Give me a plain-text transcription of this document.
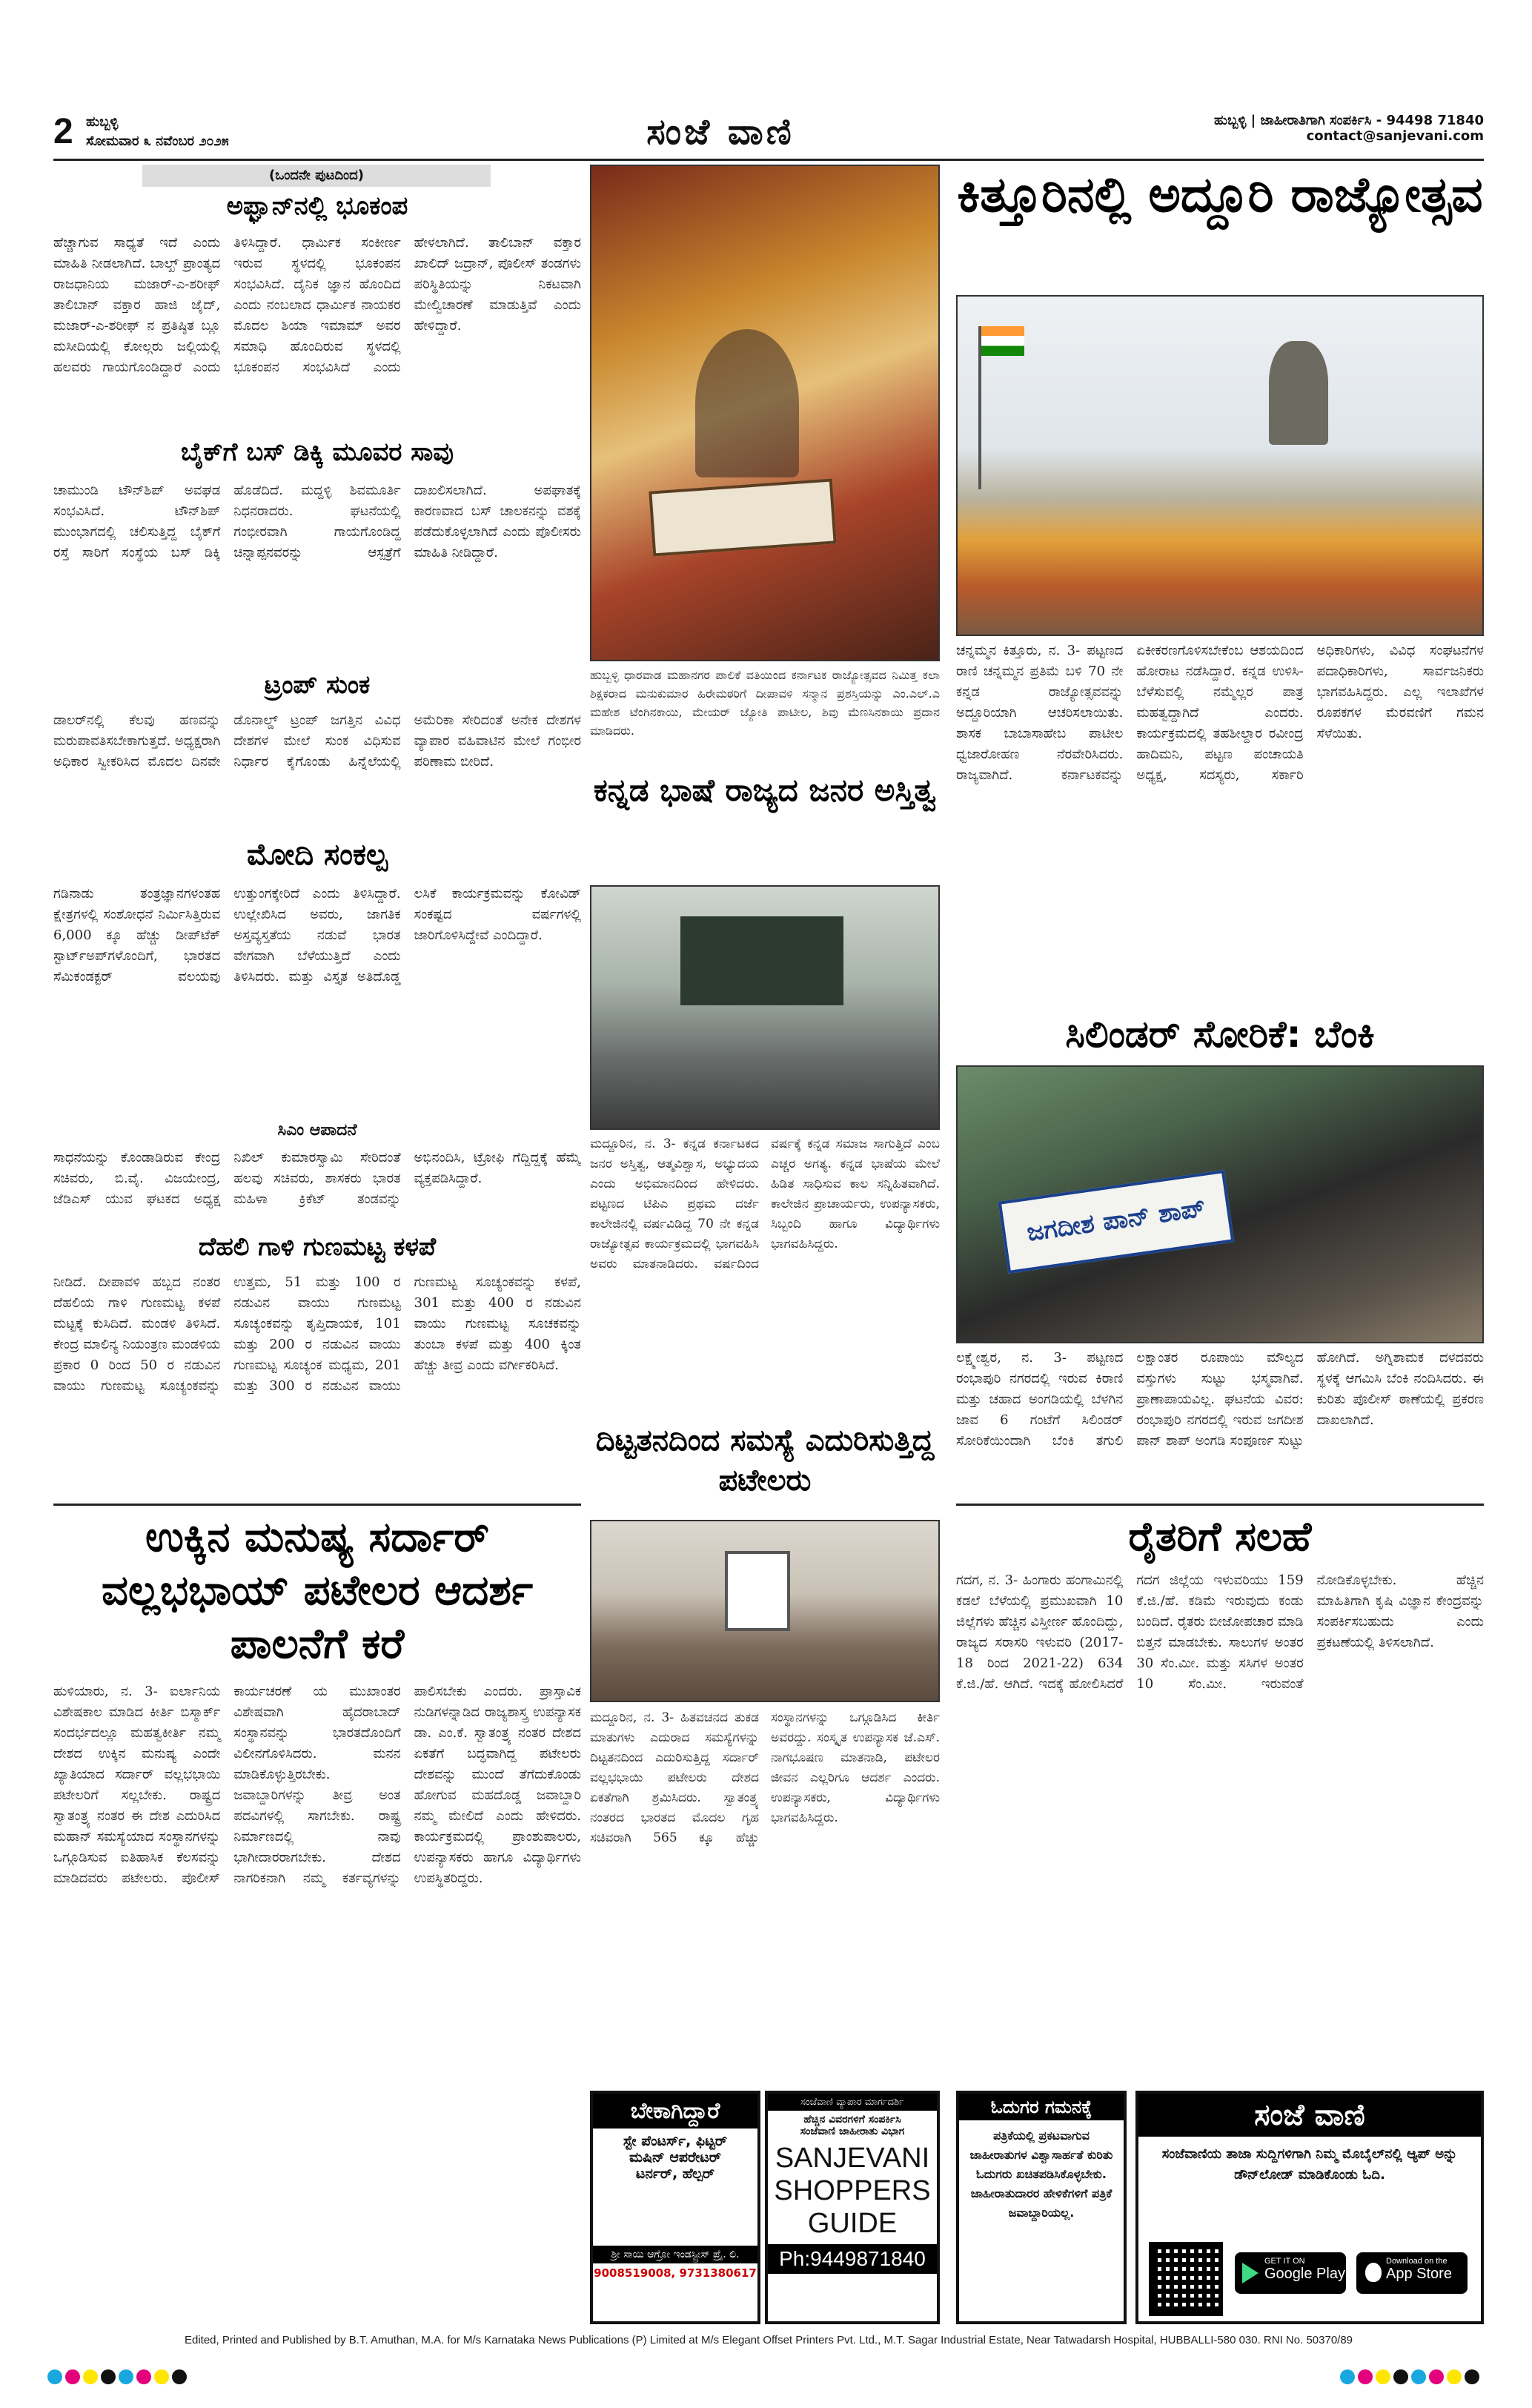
2 ಹುಬ್ಬಳ್ಳಿ
ಸೋಮವಾರ ೩ ನವೆಂಬರ ೨೦೨೫	ಸಂಜೆ ವಾಣಿ	ಹುಬ್ಬಳ್ಳಿ | ಜಾಹೀರಾತಿಗಾಗಿ ಸಂಪರ್ಕಿಸಿ - 94498 71840
contact@sanjevani.com
(ಒಂದನೇ ಪುಟದಿಂದ)
ಅಫ್ಘಾನ್‌ನಲ್ಲಿ ಭೂಕಂಪ
ಹೆಚ್ಚಾಗುವ ಸಾಧ್ಯತೆ ಇದೆ ಎಂದು ಮಾಹಿತಿ ನೀಡಲಾಗಿದೆ. ಬಾಲ್ಖ್ ಪ್ರಾಂತ್ಯದ ರಾಜಧಾನಿಯ ಮಜಾರ್-ಎ-ಶರೀಫ್ ತಾಲಿಬಾನ್ ವಕ್ತಾರ ಹಾಜಿ ಜೈದ್, ಮಜಾರ್-ಎ-ಶರೀಫ್ ನ ಪ್ರತಿಷ್ಠಿತ ಬ್ಲೂ ಮಸೀದಿಯಲ್ಲಿ ಕೋಲ್ಗರು ಜಲ್ಲಿಯಲ್ಲಿ ಹಲವರು ಗಾಯಗೊಂಡಿದ್ದಾರೆ ಎಂದು ತಿಳಿಸಿದ್ದಾರೆ. ಧಾರ್ಮಿಕ ಸಂಕೀರ್ಣ ಇರುವ ಸ್ಥಳದಲ್ಲಿ ಭೂಕಂಪನ ಸಂಭವಿಸಿದೆ. ದೈನಿಕ ಜ್ಞಾನ ಹೊಂದಿದ ಎಂದು ನಂಬಲಾದ ಧಾರ್ಮಿಕ ನಾಯಕರ ಮೊದಲ ಶಿಯಾ ಇಮಾಮ್ ಅವರ ಸಮಾಧಿ ಹೊಂದಿರುವ ಸ್ಥಳದಲ್ಲಿ ಭೂಕಂಪನ ಸಂಭವಿಸಿದೆ ಎಂದು ಹೇಳಲಾಗಿದೆ. ತಾಲಿಬಾನ್ ವಕ್ತಾರ ಖಾಲಿದ್ ಜದ್ರಾನ್, ಪೊಲೀಸ್ ತಂಡಗಳು ಪರಿಸ್ಥಿತಿಯನ್ನು ನಿಕಟವಾಗಿ ಮೇಲ್ವಿಚಾರಣೆ ಮಾಡುತ್ತಿವೆ ಎಂದು ಹೇಳಿದ್ದಾರೆ.
ಬೈಕ್‌ಗೆ ಬಸ್ ಡಿಕ್ಕಿ ಮೂವರ ಸಾವು
ಚಾಮುಂಡಿ ಟೌನ್‌ಶಿಪ್ ಅವಘಡ ಸಂಭವಿಸಿದೆ. ಟೌನ್‌ಶಿಪ್ ಮುಂಭಾಗದಲ್ಲಿ ಚಲಿಸುತ್ತಿದ್ದ ಬೈಕ್‌ಗೆ ರಸ್ತೆ ಸಾರಿಗೆ ಸಂಸ್ಥೆಯ ಬಸ್ ಡಿಕ್ಕಿ ಹೊಡೆದಿದೆ. ಮದ್ದಳ್ಳಿ ಶಿವಮೂರ್ತಿ ನಿಧನರಾದರು. ಘಟನೆಯಲ್ಲಿ ಗಂಭೀರವಾಗಿ ಗಾಯಗೊಂಡಿದ್ದ ಚಿನ್ನಾಪ್ಪನವರನ್ನು ಆಸ್ಪತ್ರೆಗೆ ದಾಖಲಿಸಲಾಗಿದೆ. ಅಪಘಾತಕ್ಕೆ ಕಾರಣವಾದ ಬಸ್ ಚಾಲಕನನ್ನು ವಶಕ್ಕೆ ಪಡೆದುಕೊಳ್ಳಲಾಗಿದೆ ಎಂದು ಪೊಲೀಸರು ಮಾಹಿತಿ ನೀಡಿದ್ದಾರೆ.
ಟ್ರಂಪ್ ಸುಂಕ
ಡಾಲರ್‌ನಲ್ಲಿ ಕೆಲವು ಹಣವನ್ನು ಮರುಪಾವತಿಸಬೇಕಾಗುತ್ತದೆ. ಅಧ್ಯಕ್ಷರಾಗಿ ಅಧಿಕಾರ ಸ್ವೀಕರಿಸಿದ ಮೊದಲ ದಿನವೇ ಡೊನಾಲ್ಡ್ ಟ್ರಂಪ್ ಜಗತ್ತಿನ ವಿವಿಧ ದೇಶಗಳ ಮೇಲೆ ಸುಂಕ ವಿಧಿಸುವ ನಿರ್ಧಾರ ಕೈಗೊಂಡು ಹಿನ್ನೆಲೆಯಲ್ಲಿ ಅಮೆರಿಕಾ ಸೇರಿದಂತೆ ಅನೇಕ ದೇಶಗಳ ವ್ಯಾಪಾರ ವಹಿವಾಟಿನ ಮೇಲೆ ಗಂಭೀರ ಪರಿಣಾಮ ಬೀರಿದೆ.
ಮೋದಿ ಸಂಕಲ್ಪ
ಗಡಿನಾಡು ತಂತ್ರಜ್ಞಾನಗಳಂತಹ ಕ್ಷೇತ್ರಗಳಲ್ಲಿ ಸಂಶೋಧನೆ ನಿರ್ಮಿಸಿತ್ತಿರುವ 6,000 ಕ್ಕೂ ಹೆಚ್ಚು ಡೀಪ್‌ಟೆಕ್ ಸ್ಟಾರ್ಟ್‌ಅಪ್‌ಗಳೊಂದಿಗೆ, ಭಾರತದ ಸೆಮಿಕಂಡಕ್ಟರ್ ವಲಯವು ಉತ್ತುಂಗಕ್ಕೇರಿದೆ ಎಂದು ತಿಳಿಸಿದ್ದಾರೆ. ಉಲ್ಲೇಖಿಸಿದ ಅವರು, ಜಾಗತಿಕ ಅಸ್ತವ್ಯಸ್ತತೆಯ ನಡುವೆ ಭಾರತ ವೇಗವಾಗಿ ಬೆಳೆಯುತ್ತಿದೆ ಎಂದು ತಿಳಿಸಿದರು. ಮತ್ತು ವಿಸ್ತೃತ ಅತಿದೊಡ್ಡ ಲಸಿಕೆ ಕಾರ್ಯಕ್ರಮವನ್ನು ಕೋವಿಡ್ ಸಂಕಷ್ಟದ ವರ್ಷಗಳಲ್ಲಿ ಜಾರಿಗೊಳಿಸಿದ್ದೇವೆ ಎಂದಿದ್ದಾರೆ.
ಸಿಎಂ ಆಪಾದನೆ
ಸಾಧನೆಯನ್ನು ಕೊಂಡಾಡಿರುವ ಕೇಂದ್ರ ಸಚಿವರು, ಬಿ.ವೈ. ವಿಜಯೇಂದ್ರ, ಜೆಡಿಎಸ್ ಯುವ ಘಟಕದ ಅಧ್ಯಕ್ಷ ನಿಖಿಲ್ ಕುಮಾರಸ್ವಾಮಿ ಸೇರಿದಂತೆ ಹಲವು ಸಚಿವರು, ಶಾಸಕರು ಭಾರತ ಮಹಿಳಾ ಕ್ರಿಕೆಟ್ ತಂಡವನ್ನು ಅಭಿನಂದಿಸಿ, ಟ್ರೋಫಿ ಗೆದ್ದಿದ್ದಕ್ಕೆ ಹೆಮ್ಮೆ ವ್ಯಕ್ತಪಡಿಸಿದ್ದಾರೆ.
ದೆಹಲಿ ಗಾಳಿ ಗುಣಮಟ್ಟ ಕಳಪೆ
ನೀಡಿದೆ. ದೀಪಾವಳಿ ಹಬ್ಬದ ನಂತರ ದೆಹಲಿಯ ಗಾಳಿ ಗುಣಮಟ್ಟ ಕಳಪೆ ಮಟ್ಟಕ್ಕೆ ಕುಸಿದಿದೆ. ಮಂಡಳಿ ತಿಳಿಸಿದೆ. ಕೇಂದ್ರ ಮಾಲಿನ್ಯ ನಿಯಂತ್ರಣ ಮಂಡಳಿಯ ಪ್ರಕಾರ 0 ರಿಂದ 50 ರ ನಡುವಿನ ವಾಯು ಗುಣಮಟ್ಟ ಸೂಚ್ಯಂಕವನ್ನು ಉತ್ತಮ, 51 ಮತ್ತು 100 ರ ನಡುವಿನ ವಾಯು ಗುಣಮಟ್ಟ ಸೂಚ್ಯಂಕವನ್ನು ತೃಪ್ತಿದಾಯಕ, 101 ಮತ್ತು 200 ರ ನಡುವಿನ ವಾಯು ಗುಣಮಟ್ಟ ಸೂಚ್ಯಂಕ ಮಧ್ಯಮ, 201 ಮತ್ತು 300 ರ ನಡುವಿನ ವಾಯು ಗುಣಮಟ್ಟ ಸೂಚ್ಯಂಕವನ್ನು ಕಳಪೆ, 301 ಮತ್ತು 400 ರ ನಡುವಿನ ವಾಯು ಗುಣಮಟ್ಟ ಸೂಚಕವನ್ನು ತುಂಬಾ ಕಳಪೆ ಮತ್ತು 400 ಕ್ಕಿಂತ ಹೆಚ್ಚು ತೀವ್ರ ಎಂದು ವರ್ಗೀಕರಿಸಿದೆ.
ಹುಬ್ಬಳ್ಳಿ ಧಾರವಾಡ ಮಹಾನಗರ ಪಾಲಿಕೆ ವತಿಯಿಂದ ಕರ್ನಾಟಕ ರಾಜ್ಯೋತ್ಸವದ ನಿಮಿತ್ತ ಕಲಾ ಶಿಕ್ಷಕರಾದ ಮನುಕುಮಾರ ಹಿರೇಮಠರಿಗೆ ದೀಪಾವಳಿ ಸನ್ಮಾನ ಪ್ರಶಸ್ತಿಯನ್ನು ಎಂ.ಎಲ್.ಎ ಮಹೇಶ ಟೆಂಗಿನಕಾಯಿ, ಮೇಯರ್ ಜ್ಯೋತಿ ಪಾಟೀಲ, ಶಿವು ಮೆಣಸಿನಕಾಯಿ ಪ್ರದಾನ ಮಾಡಿದರು.
ಕನ್ನಡ ಭಾಷೆ ರಾಜ್ಯದ ಜನರ ಅಸ್ತಿತ್ವ
ಮದ್ದೂರಿನ, ನ. 3- ಕನ್ನಡ ಕರ್ನಾಟಕದ ಜನರ ಅಸ್ತಿತ್ವ, ಆತ್ಮವಿಶ್ವಾಸ, ಅಭ್ಯುದಯ ಎಂದು ಅಭಿಮಾನದಿಂದ ಹೇಳಿದರು. ಪಟ್ಟಣದ ಟಿಪಿಎ ಪ್ರಥಮ ದರ್ಜೆ ಕಾಲೇಜಿನಲ್ಲಿ ವರ್ಷವಿಡಿದ್ದ 70 ನೇ ಕನ್ನಡ ರಾಜ್ಯೋತ್ಸವ ಕಾರ್ಯಕ್ರಮದಲ್ಲಿ ಭಾಗವಹಿಸಿ ಅವರು ಮಾತನಾಡಿದರು. ವರ್ಷದಿಂದ ವರ್ಷಕ್ಕೆ ಕನ್ನಡ ಸಮಾಜ ಸಾಗುತ್ತಿದೆ ಎಂಬ ಎಚ್ಚರ ಅಗತ್ಯ. ಕನ್ನಡ ಭಾಷೆಯ ಮೇಲೆ ಹಿಡಿತ ಸಾಧಿಸುವ ಕಾಲ ಸನ್ನಿಹಿತವಾಗಿದೆ. ಕಾಲೇಜಿನ ಪ್ರಾಚಾರ್ಯರು, ಉಪನ್ಯಾಸಕರು, ಸಿಬ್ಬಂದಿ ಹಾಗೂ ವಿದ್ಯಾರ್ಥಿಗಳು ಭಾಗವಹಿಸಿದ್ದರು.
ದಿಟ್ಟತನದಿಂದ ಸಮಸ್ಯೆ ಎದುರಿಸುತ್ತಿದ್ದ ಪಟೇಲರು
ಕಿತ್ತೂರಿನಲ್ಲಿ ಅದ್ದೂರಿ ರಾಜ್ಯೋತ್ಸವ
ಚನ್ನಮ್ಮನ ಕಿತ್ತೂರು, ನ. 3- ಪಟ್ಟಣದ ರಾಣಿ ಚನ್ನಮ್ಮನ ಪ್ರತಿಮೆ ಬಳಿ 70 ನೇ ಕನ್ನಡ ರಾಜ್ಯೋತ್ಸವವನ್ನು ಅದ್ದೂರಿಯಾಗಿ ಆಚರಿಸಲಾಯಿತು. ಶಾಸಕ ಬಾಬಾಸಾಹೇಬ ಪಾಟೀಲ ಧ್ವಜಾರೋಹಣ ನೆರವೇರಿಸಿದರು. ರಾಜ್ಯವಾಗಿದೆ. ಕರ್ನಾಟಕವನ್ನು ಏಕೀಕರಣಗೊಳಿಸಬೇಕೆಂಬ ಆಶಯದಿಂದ ಹೋರಾಟ ನಡೆಸಿದ್ದಾರೆ. ಕನ್ನಡ ಉಳಿಸಿ-ಬೆಳೆಸುವಲ್ಲಿ ನಮ್ಮೆಲ್ಲರ ಪಾತ್ರ ಮಹತ್ವದ್ದಾಗಿದೆ ಎಂದರು. ಕಾರ್ಯಕ್ರಮದಲ್ಲಿ ತಹಶೀಲ್ದಾರ ರವೀಂದ್ರ ಹಾದಿಮನಿ, ಪಟ್ಟಣ ಪಂಚಾಯತಿ ಅಧ್ಯಕ್ಷ, ಸದಸ್ಯರು, ಸರ್ಕಾರಿ ಅಧಿಕಾರಿಗಳು, ವಿವಿಧ ಸಂಘಟನೆಗಳ ಪದಾಧಿಕಾರಿಗಳು, ಸಾರ್ವಜನಿಕರು ಭಾಗವಹಿಸಿದ್ದರು. ಎಲ್ಲ ಇಲಾಖೆಗಳ ರೂಪಕಗಳ ಮೆರವಣಿಗೆ ಗಮನ ಸೆಳೆಯಿತು.
ಸಿಲಿಂಡರ್ ಸೋರಿಕೆ: ಬೆಂಕಿ
ಜಗದೀಶ ಪಾನ್ ಶಾಪ್
ಲಕ್ಷ್ಮೇಶ್ವರ, ನ. 3- ಪಟ್ಟಣದ ರಂಭಾಪುರಿ ನಗರದಲ್ಲಿ ಇರುವ ಕಿರಾಣಿ ಮತ್ತು ಚಹಾದ ಅಂಗಡಿಯಲ್ಲಿ ಬೆಳಗಿನ ಜಾವ 6 ಗಂಟೆಗೆ ಸಿಲಿಂಡರ್ ಸೋರಿಕೆಯಿಂದಾಗಿ ಬೆಂಕಿ ತಗುಲಿ ಲಕ್ಷಾಂತರ ರೂಪಾಯಿ ಮೌಲ್ಯದ ವಸ್ತುಗಳು ಸುಟ್ಟು ಭಸ್ಮವಾಗಿವೆ. ಪ್ರಾಣಾಪಾಯವಿಲ್ಲ. ಘಟನೆಯ ವಿವರ: ರಂಭಾಪುರಿ ನಗರದಲ್ಲಿ ಇರುವ ಜಗದೀಶ ಪಾನ್ ಶಾಪ್ ಅಂಗಡಿ ಸಂಪೂರ್ಣ ಸುಟ್ಟು ಹೋಗಿದೆ. ಅಗ್ನಿಶಾಮಕ ದಳದವರು ಸ್ಥಳಕ್ಕೆ ಆಗಮಿಸಿ ಬೆಂಕಿ ನಂದಿಸಿದರು. ಈ ಕುರಿತು ಪೊಲೀಸ್ ಠಾಣೆಯಲ್ಲಿ ಪ್ರಕರಣ ದಾಖಲಾಗಿದೆ.
ಉಕ್ಕಿನ ಮನುಷ್ಯ ಸರ್ದಾರ್ ವಲ್ಲಭಭಾಯ್ ಪಟೇಲರ ಆದರ್ಶ ಪಾಲನೆಗೆ ಕರೆ
ಹುಳಿಯಾರು, ನ. 3- ಐರ್ಲಾನಿಯ ವಿಶೇಷಕಾಲ ಮಾಡಿದ ಕೀರ್ತಿ ಬಿಸ್ಮಾರ್ಕ್ ಸಂದರ್ಭದಲ್ಲೂ ಮಹತ್ವಕೀರ್ತಿ ನಮ್ಮ ದೇಶದ ಉಕ್ಕಿನ ಮನುಷ್ಯ ಎಂದೇ ಖ್ಯಾತಿಯಾದ ಸರ್ದಾರ್ ವಲ್ಲಭಭಾಯಿ ಪಟೇಲರಿಗೆ ಸಲ್ಲಬೇಕು. ರಾಷ್ಟ್ರದ ಸ್ವಾತಂತ್ರ್ಯ ನಂತರ ಈ ದೇಶ ಎದುರಿಸಿದ ಮಹಾನ್ ಸಮಸ್ಯೆಯಾದ ಸಂಸ್ಥಾನಗಳನ್ನು ಒಗ್ಗೂಡಿಸುವ ಐತಿಹಾಸಿಕ ಕೆಲಸವನ್ನು ಮಾಡಿದವರು ಪಟೇಲರು. ಪೊಲೀಸ್ ಕಾರ್ಯಚರಣೆ ಯ ಮುಖಾಂತರ ವಿಶೇಷವಾಗಿ ಹೈದರಾಬಾದ್ ಸಂಸ್ಥಾನವನ್ನು ಭಾರತದೊಂದಿಗೆ ವಿಲೀನಗೊಳಿಸಿದರು. ಮನನ ಮಾಡಿಕೊಳ್ಳುತ್ತಿರಬೇಕು. ಜವಾಬ್ದಾರಿಗಳನ್ನು ತೀವ್ರ ಅಂತ ಪದವಿಗಳಲ್ಲಿ ಸಾಗಬೇಕು. ರಾಷ್ಟ್ರ ನಿರ್ಮಾಣದಲ್ಲಿ ನಾವು ಭಾಗೀದಾರರಾಗಬೇಕು. ದೇಶದ ನಾಗರಿಕನಾಗಿ ನಮ್ಮ ಕರ್ತವ್ಯಗಳನ್ನು ಪಾಲಿಸಬೇಕು ಎಂದರು. ಪ್ರಾಸ್ತಾವಿಕ ನುಡಿಗಳನ್ನಾಡಿದ ರಾಜ್ಯಶಾಸ್ತ್ರ ಉಪನ್ಯಾಸಕ ಡಾ. ಎಂ.ಕೆ. ಸ್ವಾತಂತ್ರ್ಯ ನಂತರ ದೇಶದ ಏಕತೆಗೆ ಬದ್ಧವಾಗಿದ್ದ ಪಟೇಲರು ದೇಶವನ್ನು ಮುಂದೆ ತೆಗೆದುಕೊಂಡು ಹೋಗುವ ಮಹದೊಡ್ಡ ಜವಾಬ್ದಾರಿ ನಮ್ಮ ಮೇಲಿದೆ ಎಂದು ಹೇಳಿದರು. ಕಾರ್ಯಕ್ರಮದಲ್ಲಿ ಪ್ರಾಂಶುಪಾಲರು, ಉಪನ್ಯಾಸಕರು ಹಾಗೂ ವಿದ್ಯಾರ್ಥಿಗಳು ಉಪಸ್ಥಿತರಿದ್ದರು.
ಮದ್ದೂರಿನ, ನ. 3- ಹಿತವಚನದ ತುಕಡ ಮಾತುಗಳು ಎದುರಾದ ಸಮಸ್ಯೆಗಳನ್ನು ದಿಟ್ಟತನದಿಂದ ಎದುರಿಸುತ್ತಿದ್ದ ಸರ್ದಾರ್ ವಲ್ಲಭಭಾಯಿ ಪಟೇಲರು ದೇಶದ ಏಕತೆಗಾಗಿ ಶ್ರಮಿಸಿದರು. ಸ್ವಾತಂತ್ರ್ಯ ನಂತರದ ಭಾರತದ ಮೊದಲ ಗೃಹ ಸಚಿವರಾಗಿ 565 ಕ್ಕೂ ಹೆಚ್ಚು ಸಂಸ್ಥಾನಗಳನ್ನು ಒಗ್ಗೂಡಿಸಿದ ಕೀರ್ತಿ ಅವರದ್ದು. ಸಂಸ್ಕೃತ ಉಪನ್ಯಾಸಕ ಜೆ.ಎಸ್. ನಾಗಭೂಷಣ ಮಾತನಾಡಿ, ಪಟೇಲರ ಜೀವನ ಎಲ್ಲರಿಗೂ ಆದರ್ಶ ಎಂದರು. ಉಪನ್ಯಾಸಕರು, ವಿದ್ಯಾರ್ಥಿಗಳು ಭಾಗವಹಿಸಿದ್ದರು.
ರೈತರಿಗೆ ಸಲಹೆ
ಗದಗ, ನ. 3- ಹಿಂಗಾರು ಹಂಗಾಮಿನಲ್ಲಿ ಕಡಲೆ ಬೆಳೆಯಲ್ಲಿ ಪ್ರಮುಖವಾಗಿ 10 ಜಿಲ್ಲೆಗಳು ಹೆಚ್ಚಿನ ವಿಸ್ತೀರ್ಣ ಹೊಂದಿದ್ದು, ರಾಜ್ಯದ ಸರಾಸರಿ ಇಳುವರಿ (2017-18 ರಿಂದ 2021-22) 634 ಕೆ.ಜಿ./ಹೆ. ಆಗಿದೆ. ಇದಕ್ಕೆ ಹೋಲಿಸಿದರೆ ಗದಗ ಜಿಲ್ಲೆಯ ಇಳುವರಿಯು 159 ಕೆ.ಜಿ./ಹೆ. ಕಡಿಮೆ ಇರುವುದು ಕಂಡು ಬಂದಿದೆ. ರೈತರು ಬೀಜೋಪಚಾರ ಮಾಡಿ ಬಿತ್ತನೆ ಮಾಡಬೇಕು. ಸಾಲುಗಳ ಅಂತರ 30 ಸೆಂ.ಮೀ. ಮತ್ತು ಸಸಿಗಳ ಅಂತರ 10 ಸೆಂ.ಮೀ. ಇರುವಂತೆ ನೋಡಿಕೊಳ್ಳಬೇಕು. ಹೆಚ್ಚಿನ ಮಾಹಿತಿಗಾಗಿ ಕೃಷಿ ವಿಜ್ಞಾನ ಕೇಂದ್ರವನ್ನು ಸಂಪರ್ಕಿಸಬಹುದು ಎಂದು ಪ್ರಕಟಣೆಯಲ್ಲಿ ತಿಳಿಸಲಾಗಿದೆ.
ಬೇಕಾಗಿದ್ದಾರೆ
ಸ್ಟೇ ಪೆಂಟರ್ಸ್, ಫಿಟ್ಟರ್
ಮಷಿನ್ ಆಪರೇಟರ್
ಟರ್ನರ್, ಹೆಲ್ಪರ್
ಶ್ರೀ ಸಾಯಿ ಆಗ್ರೋ ಇಂಡಸ್ಟ್ರೀಸ್ ಪ್ರೈ. ಲಿ.
9008519008, 9731380617
ಸಂಜೆವಾಣಿ ವ್ಯಾಪಾರ ಮಾರ್ಗದರ್ಶಿ
ಹೆಚ್ಚಿನ ವಿವರಗಳಿಗೆ ಸಂಪರ್ಕಿಸಿ
ಸಂಜೆವಾಣಿ ಜಾಹೀರಾತು ವಿಭಾಗ
SANJEVANI
SHOPPERS
GUIDE
Ph:9449871840
ಓದುಗರ ಗಮನಕ್ಕೆ
ಪತ್ರಿಕೆಯಲ್ಲಿ ಪ್ರಕಟವಾಗುವ ಜಾಹೀರಾತುಗಳ ವಿಶ್ವಾಸಾರ್ಹತೆ ಕುರಿತು ಓದುಗರು ಖಚಿತಪಡಿಸಿಕೊಳ್ಳಬೇಕು. ಜಾಹೀರಾತುದಾರರ ಹೇಳಿಕೆಗಳಿಗೆ ಪತ್ರಿಕೆ ಜವಾಬ್ದಾರಿಯಲ್ಲ.
ಸಂಜೆ ವಾಣಿ
ಸಂಜೆವಾಣಿಯ ತಾಜಾ ಸುದ್ದಿಗಳಿಗಾಗಿ ನಿಮ್ಮ ಮೊಬೈಲ್‌ನಲ್ಲಿ ಆ್ಯಪ್ ಅನ್ನು ಡೌನ್‌ಲೋಡ್ ಮಾಡಿಕೊಂಡು ಓದಿ.
GET IT ON
Google Play
Download on the
App Store
Edited, Printed and Published by B.T. Amuthan, M.A. for M/s Karnataka News Publications (P) Limited at M/s Elegant Offset Printers Pvt. Ltd., M.T. Sagar Industrial Estate, Near Tatwadarsh Hospital, HUBBALLI-580 030. RNI No. 50370/89
